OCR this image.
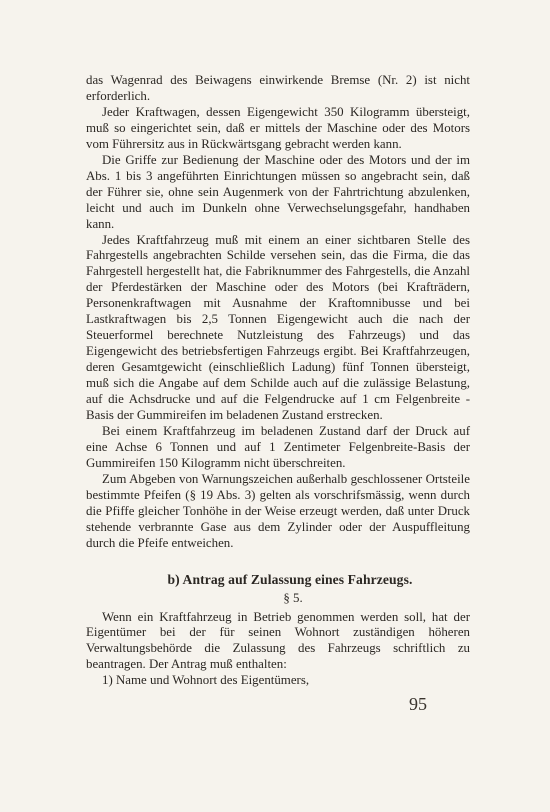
das Wagenrad des Beiwagens einwirkende Bremse (Nr. 2) ist nicht erforderlich.

Jeder Kraftwagen, dessen Eigengewicht 350 Kilogramm übersteigt, muß so eingerichtet sein, daß er mittels der Maschine oder des Motors vom Führersitz aus in Rückwärtsgang gebracht werden kann.

Die Griffe zur Bedienung der Maschine oder des Motors und der im Abs. 1 bis 3 angeführten Einrichtungen müssen so angebracht sein, daß der Führer sie, ohne sein Augenmerk von der Fahrtrichtung abzulenken, leicht und auch im Dunkeln ohne Verwechselungsgefahr, handhaben kann.

Jedes Kraftfahrzeug muß mit einem an einer sichtbaren Stelle des Fahrgestells angebrachten Schilde versehen sein, das die Firma, die das Fahrgestell hergestellt hat, die Fabriknummer des Fahrgestells, die Anzahl der Pferdestärken der Maschine oder des Motors (bei Krafträdern, Personenkraftwagen mit Ausnahme der Kraftomnibusse und bei Lastkraftwagen bis 2,5 Tonnen Eigengewicht auch die nach der Steuerformel berechnete Nutzleistung des Fahrzeugs) und das Eigengewicht des betriebsfertigen Fahrzeugs ergibt. Bei Kraftfahrzeugen, deren Gesamtgewicht (einschließlich Ladung) fünf Tonnen übersteigt, muß sich die Angabe auf dem Schilde auch auf die zulässige Belastung, auf die Achsdrucke und auf die Felgendrucke auf 1 cm Felgenbreite - Basis der Gummireifen im beladenen Zustand erstrecken.

Bei einem Kraftfahrzeug im beladenen Zustand darf der Druck auf eine Achse 6 Tonnen und auf 1 Zentimeter Felgenbreite-Basis der Gummireifen 150 Kilogramm nicht überschreiten.

Zum Abgeben von Warnungszeichen außerhalb geschlossener Ortsteile bestimmte Pfeifen (§ 19 Abs. 3) gelten als vorschrifsmässig, wenn durch die Pfiffe gleicher Tonhöhe in der Weise erzeugt werden, daß unter Druck stehende verbrannte Gase aus dem Zylinder oder der Auspuffleitung durch die Pfeife entweichen.

b) Antrag auf Zulassung eines Fahrzeugs.
§ 5.

Wenn ein Kraftfahrzeug in Betrieb genommen werden soll, hat der Eigentümer bei der für seinen Wohnort zuständigen höheren Verwaltungsbehörde die Zulassung des Fahrzeugs schriftlich zu beantragen. Der Antrag muß enthalten:

1) Name und Wohnort des Eigentümers,

95
